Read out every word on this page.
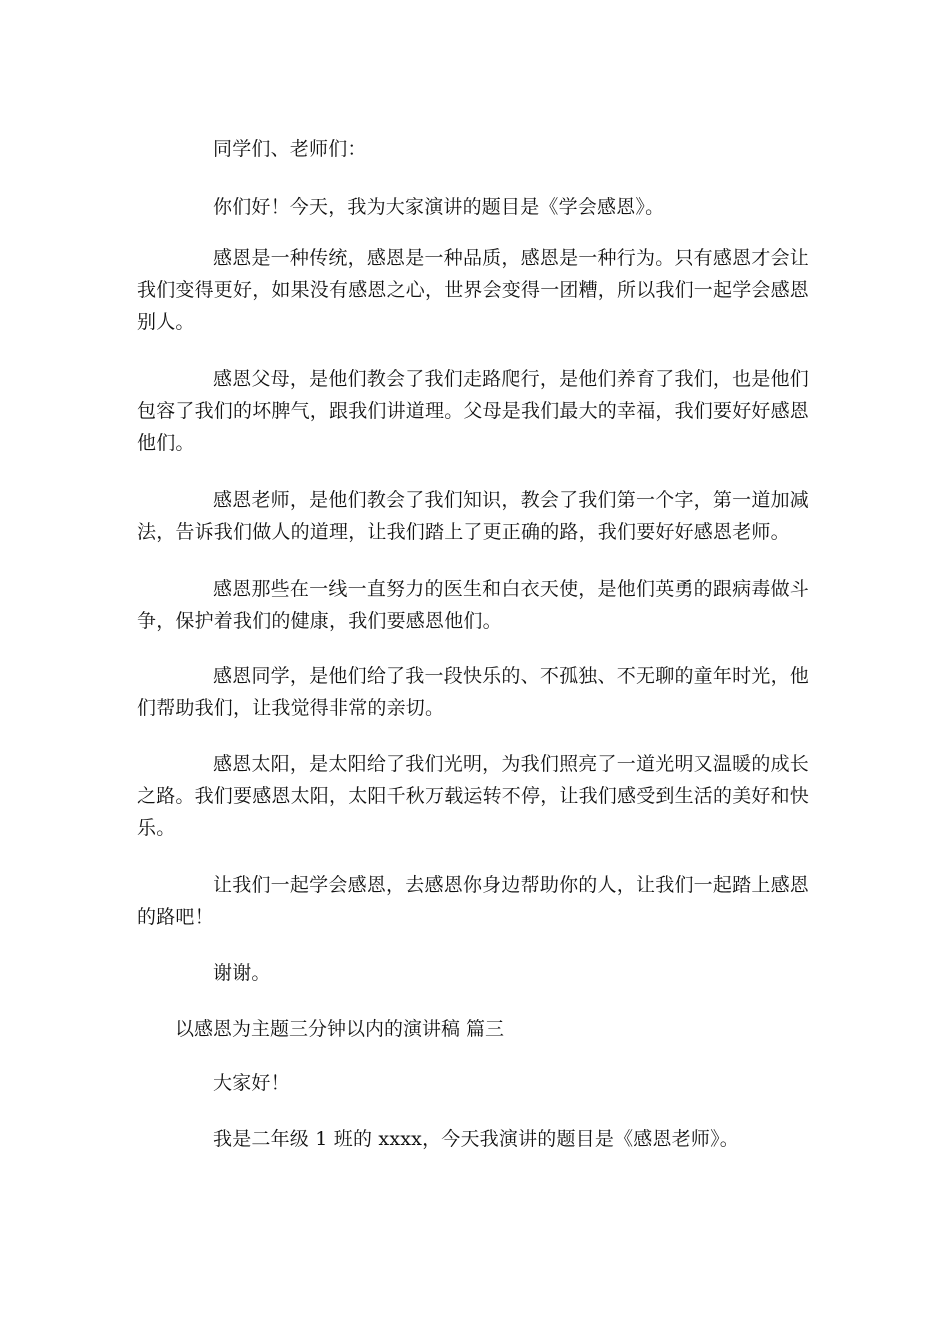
同学们、老师们：

你们好！今天，我为大家演讲的题目是《学会感恩》。

感恩是一种传统，感恩是一种品质，感恩是一种行为。只有感恩才会让我们变得更好，如果没有感恩之心，世界会变得一团糟，所以我们一起学会感恩别人。

感恩父母，是他们教会了我们走路爬行，是他们养育了我们，也是他们包容了我们的坏脾气，跟我们讲道理。父母是我们最大的幸福，我们要好好感恩他们。

感恩老师，是他们教会了我们知识，教会了我们第一个字，第一道加减法，告诉我们做人的道理，让我们踏上了更正确的路，我们要好好感恩老师。

感恩那些在一线一直努力的医生和白衣天使，是他们英勇的跟病毒做斗争，保护着我们的健康，我们要感恩他们。

感恩同学，是他们给了我一段快乐的、不孤独、不无聊的童年时光，他们帮助我们，让我觉得非常的亲切。

感恩太阳，是太阳给了我们光明，为我们照亮了一道光明又温暖的成长之路。我们要感恩太阳，太阳千秋万载运转不停，让我们感受到生活的美好和快乐。

让我们一起学会感恩，去感恩你身边帮助你的人，让我们一起踏上感恩的路吧！

谢谢。

以感恩为主题三分钟以内的演讲稿 篇三

大家好！

我是二年级 1 班的 xxxx，今天我演讲的题目是《感恩老师》。
